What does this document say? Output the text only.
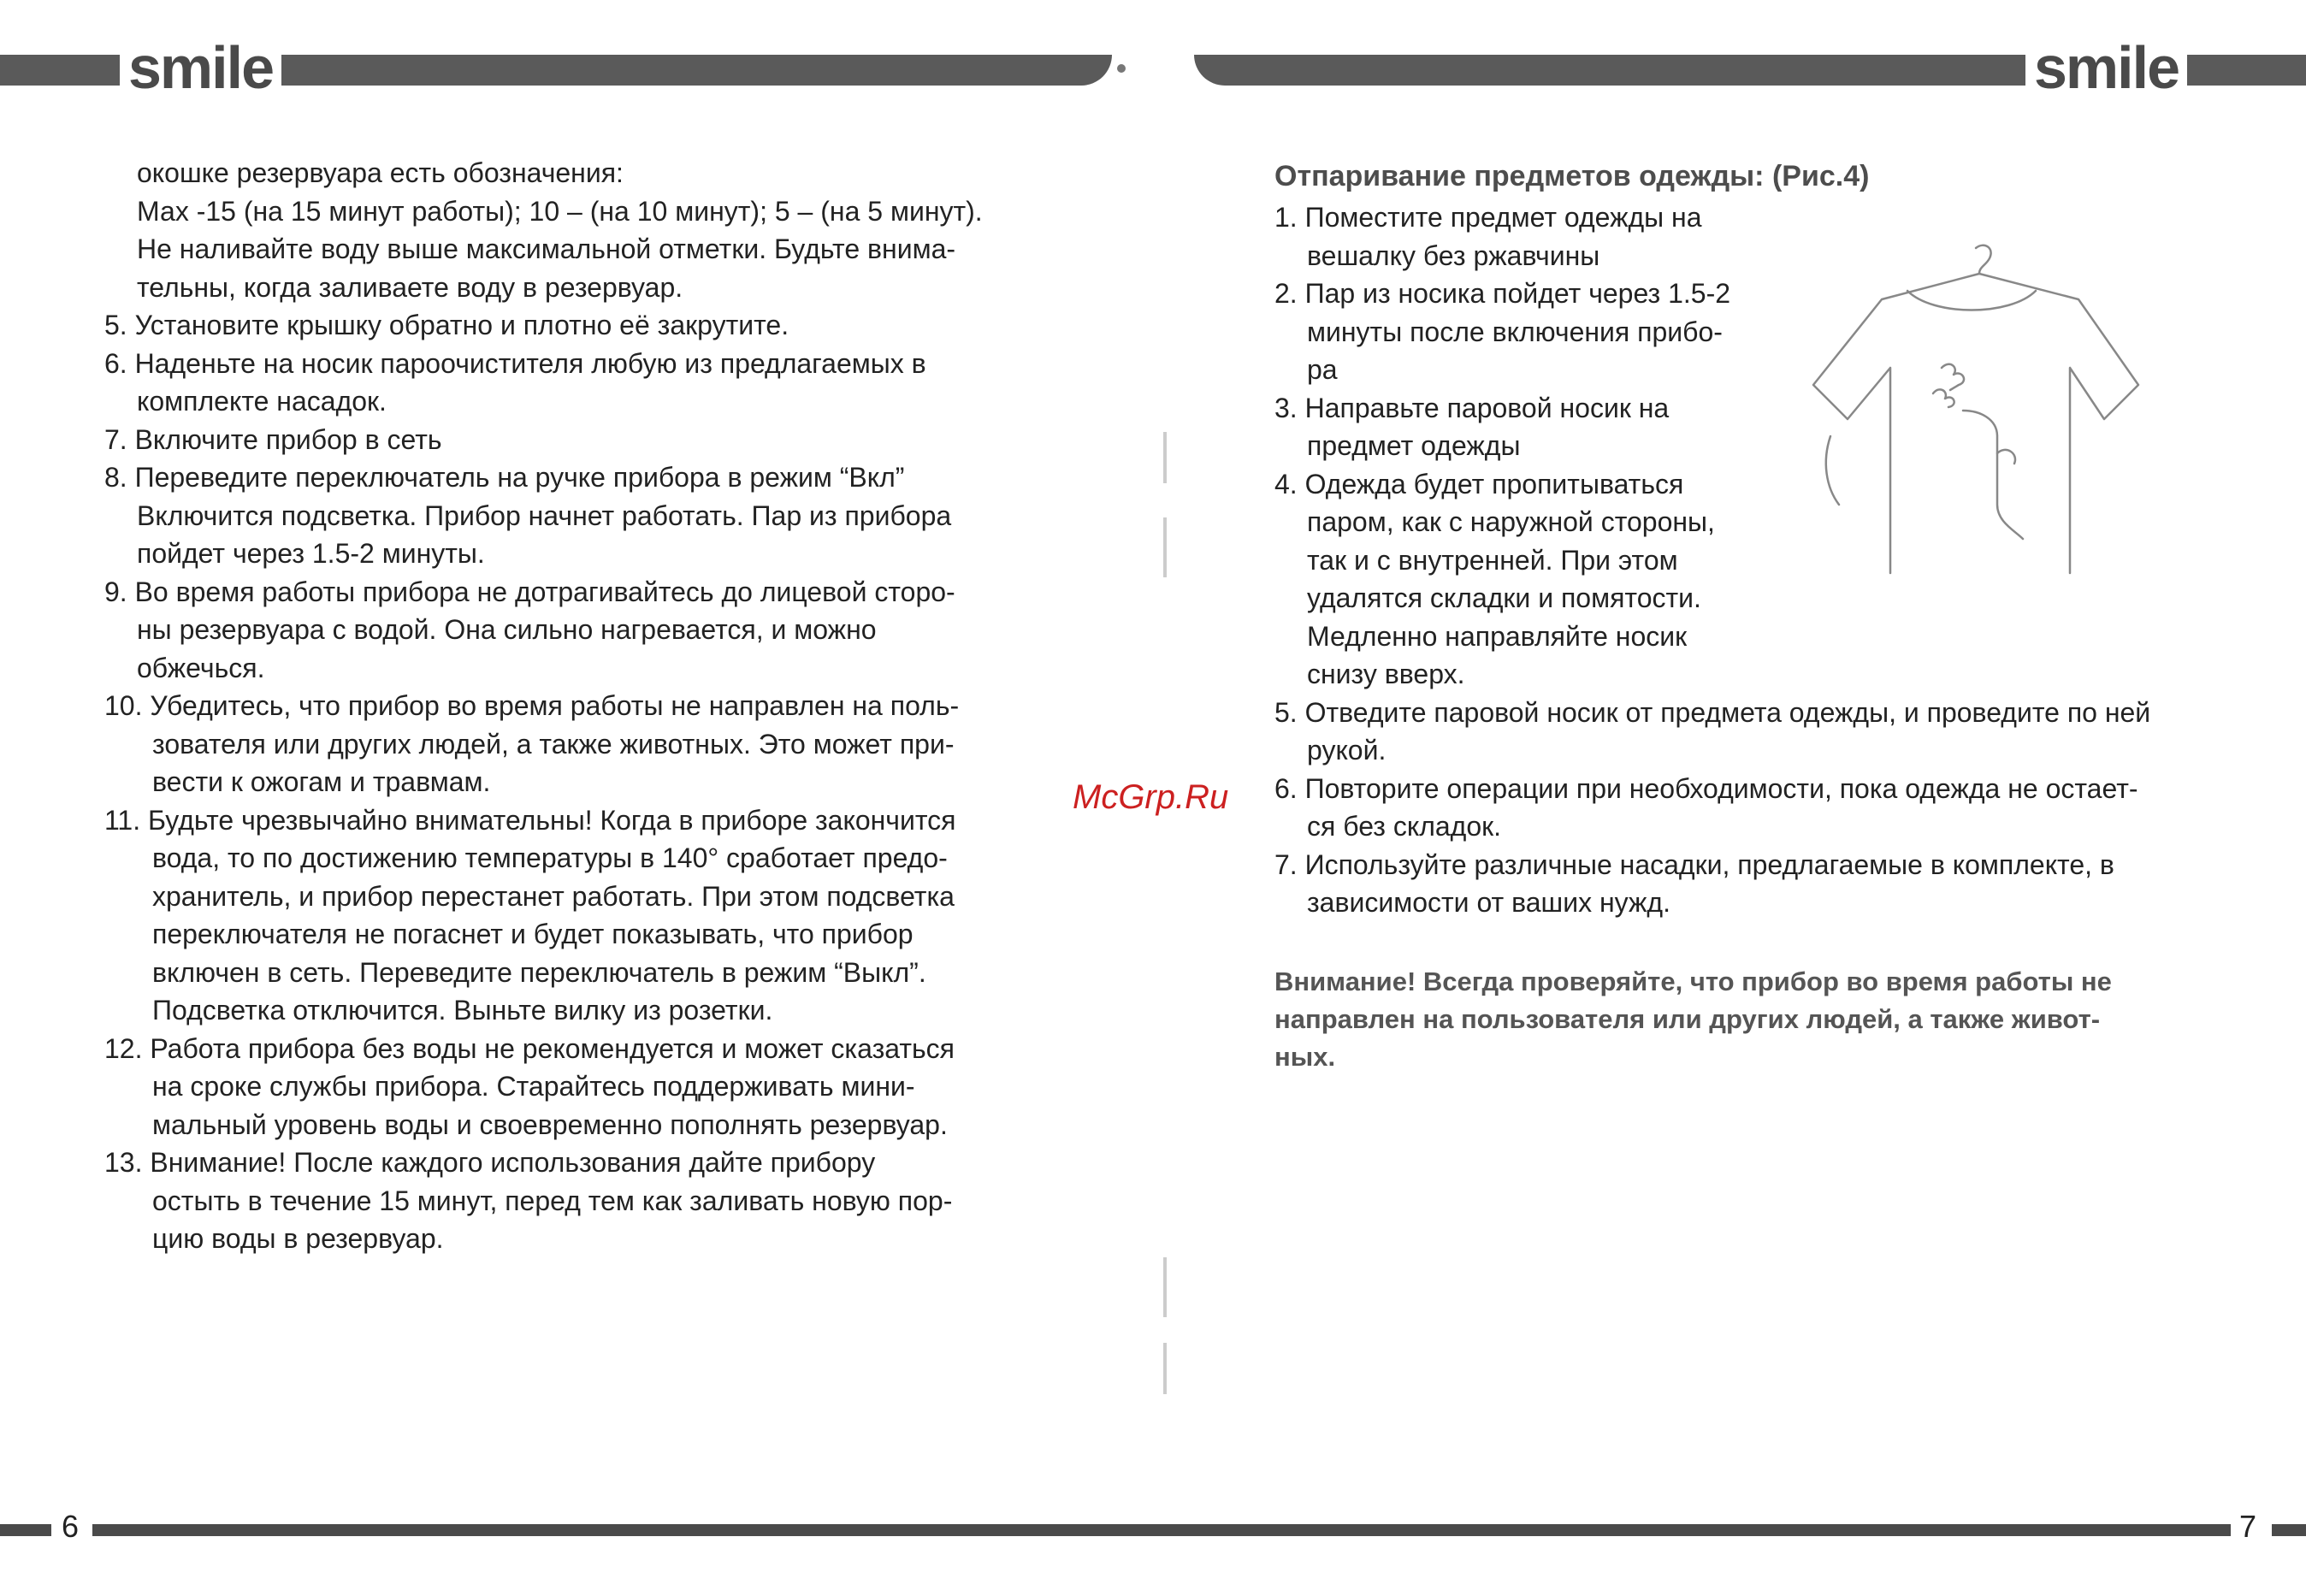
smile	smile
окошке резервуара есть обозначения:
Мах -15 (на 15 минут работы); 10 – (на 10 минут); 5 – (на 5 минут).
Не наливайте воду выше максимальной отметки. Будьте внима-
тельны, когда заливаете воду в резервуар.
5. Установите крышку обратно и плотно её закрутите.
6. Наденьте на носик пароочистителя любую из предлагаемых в
комплекте насадок.
7. Включите прибор в сеть
8. Переведите переключатель на ручке прибора в режим “Вкл”
Включится подсветка. Прибор начнет работать. Пар из прибора
пойдет через 1.5-2 минуты.
9. Во время работы прибора не дотрагивайтесь до лицевой сторо-
ны резервуара с водой. Она сильно нагревается, и можно
обжечься.
10. Убедитесь, что прибор во время работы не направлен на поль-
зователя или других людей, а также животных. Это может при-
вести к ожогам и травмам.
11. Будьте чрезвычайно внимательны! Когда в приборе закончится
вода, то по достижению температуры в 140° сработает предо-
хранитель, и прибор перестанет работать. При этом подсветка
переключателя не погаснет и будет показывать, что прибор
включен в сеть. Переведите переключатель в режим “Выкл”.
Подсветка отключится. Выньте вилку из розетки.
12. Работа прибора без воды не рекомендуется и может сказаться
на сроке службы прибора. Старайтесь поддерживать мини-
мальный уровень воды и своевременно пополнять резервуар.
13. Внимание! После каждого использования дайте прибору
остыть в течение 15 минут, перед тем как заливать новую пор-
цию воды в резервуар.
McGrp.Ru
Отпаривание предметов одежды: (Рис.4)
1. Поместите предмет одежды на
вешалку без ржавчины
2. Пар из носика пойдет через 1.5-2
минуты после включения прибо-
ра
3. Направьте паровой носик на
предмет одежды
4. Одежда будет пропитываться
паром, как с наружной стороны,
так и с внутренней. При этом
удалятся складки и помятости.
Медленно направляйте носик
снизу вверх.
5. Отведите паровой носик от предмета одежды, и проведите по ней
рукой.
6. Повторите операции при необходимости, пока одежда не остает-
ся без складок.
7. Используйте различные насадки, предлагаемые в комплекте, в
зависимости от ваших нужд.
Внимание! Всегда проверяйте, что прибор во время работы не
направлен на пользователя или других людей, а также живот-
ных.
6	7
